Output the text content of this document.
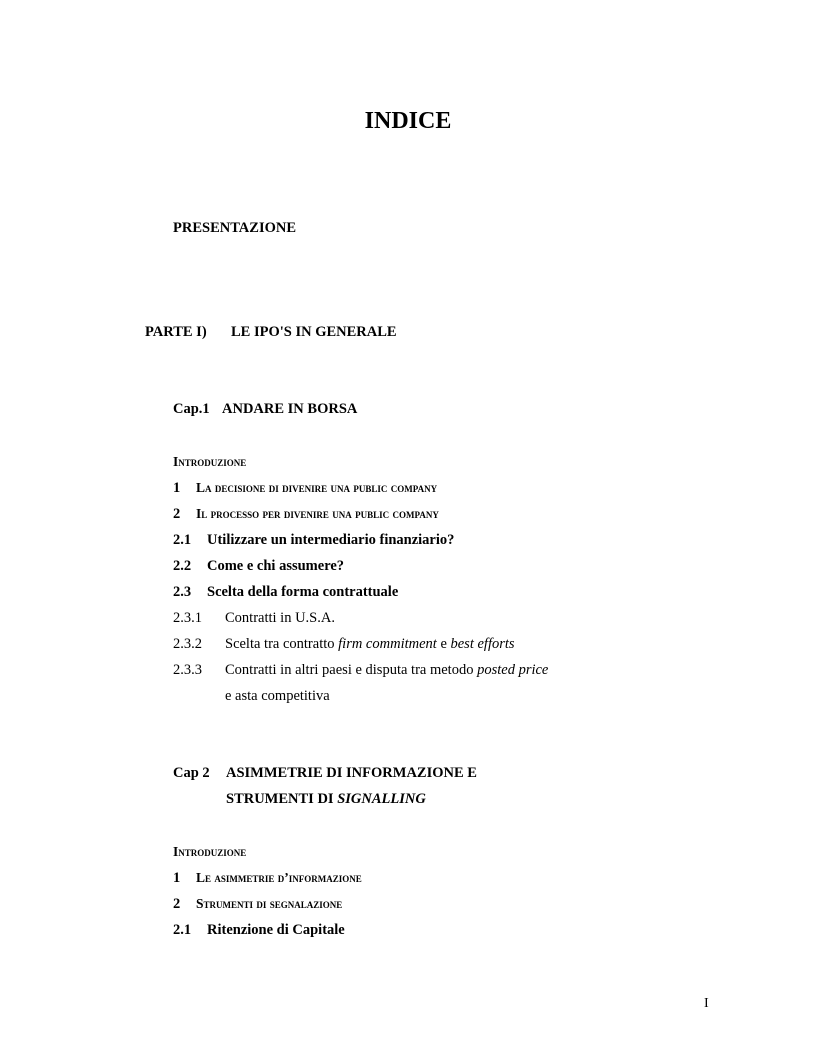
INDICE
PRESENTAZIONE
PARTE I) LE IPO'S IN GENERALE
Cap.1 ANDARE IN BORSA
Introduzione
1 La decisione di divenire una public company
2 Il processo per divenire una public company
2.1 Utilizzare un intermediario finanziario?
2.2 Come e chi assumere?
2.3 Scelta della forma contrattuale
2.3.1 Contratti in U.S.A.
2.3.2 Scelta tra contratto firm commitment e best efforts
2.3.3 Contratti in altri paesi e disputa tra metodo posted price
e asta competitiva
Cap 2 ASIMMETRIE DI INFORMAZIONE E
STRUMENTI DI SIGNALLING
Introduzione
1 Le asimmetrie d’informazione
2 Strumenti di segnalazione
2.1 Ritenzione di Capitale
I
